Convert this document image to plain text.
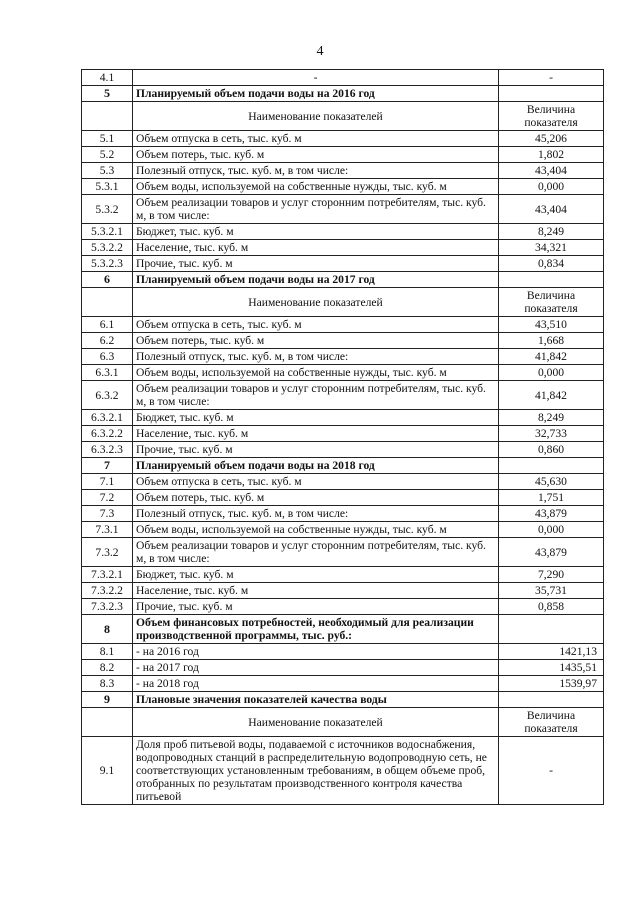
4
4.1	-	-
5	Планируемый объем подачи воды на 2016 год	
	Наименование показателей	Величина показателя
5.1	Объем отпуска в сеть, тыс. куб. м	45,206
5.2	Объем потерь, тыс. куб. м	1,802
5.3	Полезный отпуск, тыс. куб. м, в том числе:	43,404
5.3.1	Объем воды, используемой на собственные нужды, тыс. куб. м	0,000
5.3.2	Объем реализации товаров и услуг сторонним потребителям, тыс. куб. м, в том числе:	43,404
5.3.2.1	Бюджет, тыс. куб. м	8,249
5.3.2.2	Население, тыс. куб. м	34,321
5.3.2.3	Прочие, тыс. куб. м	0,834
6	Планируемый объем подачи воды на 2017 год	
	Наименование показателей	Величина показателя
6.1	Объем отпуска в сеть, тыс. куб. м	43,510
6.2	Объем потерь, тыс. куб. м	1,668
6.3	Полезный отпуск, тыс. куб. м, в том числе:	41,842
6.3.1	Объем воды, используемой на собственные нужды, тыс. куб. м	0,000
6.3.2	Объем реализации товаров и услуг сторонним потребителям, тыс. куб. м, в том числе:	41,842
6.3.2.1	Бюджет, тыс. куб. м	8,249
6.3.2.2	Население, тыс. куб. м	32,733
6.3.2.3	Прочие, тыс. куб. м	0,860
7	Планируемый объем подачи воды на 2018 год	
7.1	Объем отпуска в сеть, тыс. куб. м	45,630
7.2	Объем потерь, тыс. куб. м	1,751
7.3	Полезный отпуск, тыс. куб. м, в том числе:	43,879
7.3.1	Объем воды, используемой на собственные нужды, тыс. куб. м	0,000
7.3.2	Объем реализации товаров и услуг сторонним потребителям, тыс. куб. м, в том числе:	43,879
7.3.2.1	Бюджет, тыс. куб. м	7,290
7.3.2.2	Население, тыс. куб. м	35,731
7.3.2.3	Прочие, тыс. куб. м	0,858
8	Объем финансовых потребностей, необходимый для реализации производственной программы, тыс. руб.:	
8.1	- на 2016 год	1421,13
8.2	- на 2017 год	1435,51
8.3	- на 2018 год	1539,97
9	Плановые значения показателей качества воды	
	Наименование показателей	Величина показателя
9.1	Доля проб питьевой воды, подаваемой с источников водоснабжения, водопроводных станций в распределительную водопроводную сеть, не соответствующих установленным требованиям, в общем объеме проб, отобранных по результатам производственного контроля качества питьевой	-
